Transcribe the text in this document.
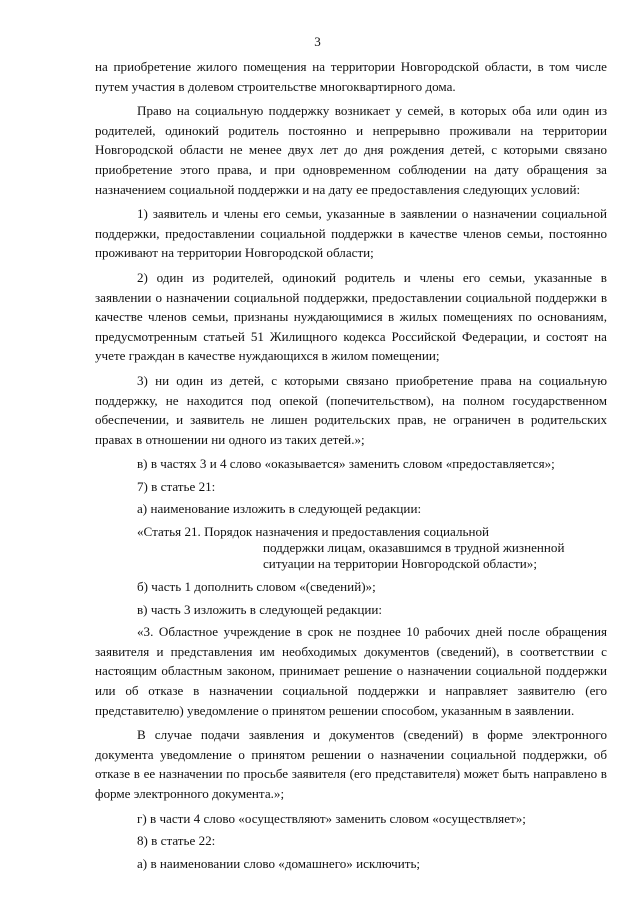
3

на приобретение жилого помещения на территории Новгородской области, в том числе путем участия в долевом строительстве многоквартирного дома.

Право на социальную поддержку возникает у семей, в которых оба или один из родителей, одинокий родитель постоянно и непрерывно проживали на территории Новгородской области не менее двух лет до дня рождения детей, с которыми связано приобретение этого права, и при одновременном соблюдении на дату обращения за назначением социальной поддержки и на дату ее предоставления следующих условий:

1) заявитель и члены его семьи, указанные в заявлении о назначении социальной поддержки, предоставлении социальной поддержки в качестве членов семьи, постоянно проживают на территории Новгородской области;

2) один из родителей, одинокий родитель и члены его семьи, указанные в заявлении о назначении социальной поддержки, предоставлении социальной поддержки в качестве членов семьи, признаны нуждающимися в жилых помещениях по основаниям, предусмотренным статьей 51 Жилищного кодекса Российской Федерации, и состоят на учете граждан в качестве нуждающихся в жилом помещении;

3) ни один из детей, с которыми связано приобретение права на социальную поддержку, не находится под опекой (попечительством), на полном государственном обеспечении, и заявитель не лишен родительских прав, не ограничен в родительских правах в отношении ни одного из таких детей.»;

в) в частях 3 и 4 слово «оказывается» заменить словом «предоставляется»;

7) в статье 21:

а) наименование изложить в следующей редакции:

«Статья 21. Порядок назначения и предоставления социальной
поддержки лицам, оказавшимся в трудной жизненной
ситуации на территории Новгородской области»;

б) часть 1 дополнить словом «(сведений)»;

в) часть 3 изложить в следующей редакции:

«3. Областное учреждение в срок не позднее 10 рабочих дней после обращения заявителя и представления им необходимых документов (сведений), в соответствии с настоящим областным законом, принимает решение о назначении социальной поддержки или об отказе в назначении социальной поддержки и направляет заявителю (его представителю) уведомление о принятом решении способом, указанным в заявлении.

В случае подачи заявления и документов (сведений) в форме электронного документа уведомление о принятом решении о назначении социальной поддержки, об отказе в ее назначении по просьбе заявителя (его представителя) может быть направлено в форме электронного документа.»;

г) в части 4 слово «осуществляют» заменить словом «осуществляет»;

8) в статье 22:

а) в наименовании слово «домашнего» исключить;
